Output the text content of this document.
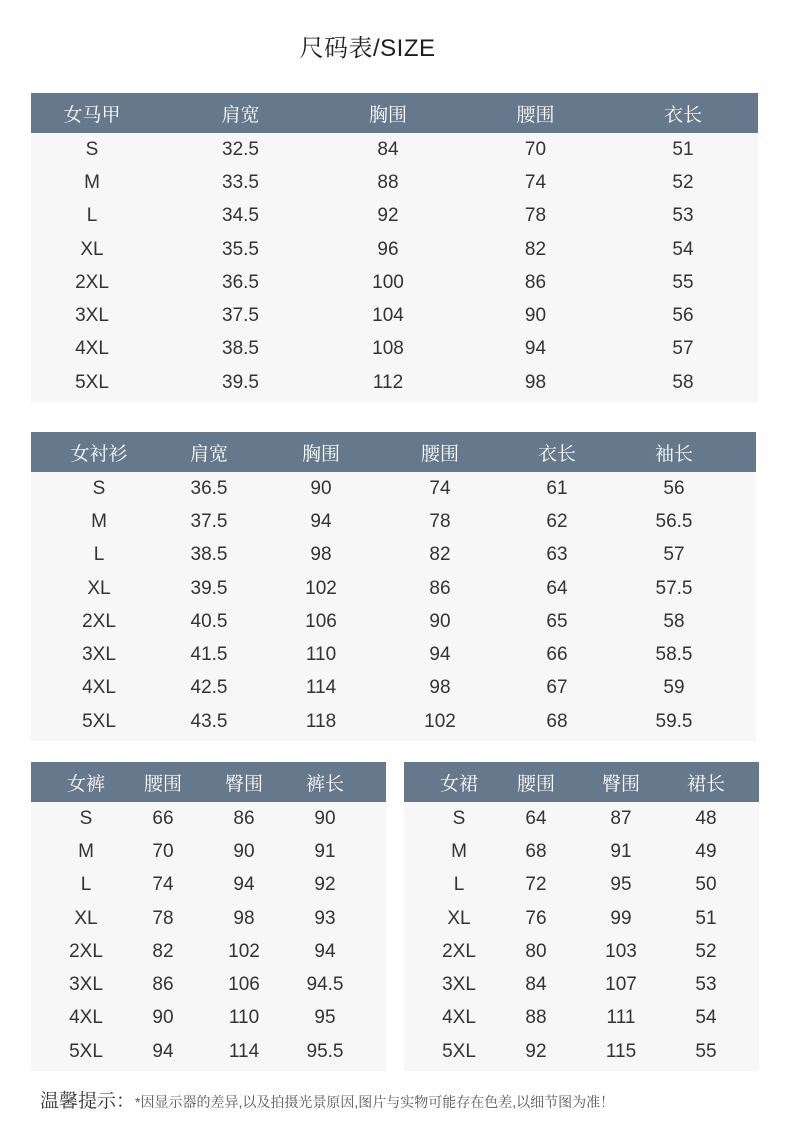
尺码表/SIZE
女马甲	肩宽	胸围	腰围	衣长
S	32.5	84	70	51
M	33.5	88	74	52
L	34.5	92	78	53
XL	35.5	96	82	54
2XL	36.5	100	86	55
3XL	37.5	104	90	56
4XL	38.5	108	94	57
5XL	39.5	112	98	58
女衬衫	肩宽	胸围	腰围	衣长	袖长
S	36.5	90	74	61	56
M	37.5	94	78	62	56.5
L	38.5	98	82	63	57
XL	39.5	102	86	64	57.5
2XL	40.5	106	90	65	58
3XL	41.5	110	94	66	58.5
4XL	42.5	114	98	67	59
5XL	43.5	118	102	68	59.5
女裤	腰围	臀围	裤长
S	66	86	90
M	70	90	91
L	74	94	92
XL	78	98	93
2XL	82	102	94
3XL	86	106	94.5
4XL	90	110	95
5XL	94	114	95.5
女裙	腰围	臀围	裙长
S	64	87	48
M	68	91	49
L	72	95	50
XL	76	99	51
2XL	80	103	52
3XL	84	107	53
4XL	88	111	54
5XL	92	115	55
温馨提示：*因显示器的差异,以及拍摄光景原因,图片与实物可能存在色差,以细节图为准！
